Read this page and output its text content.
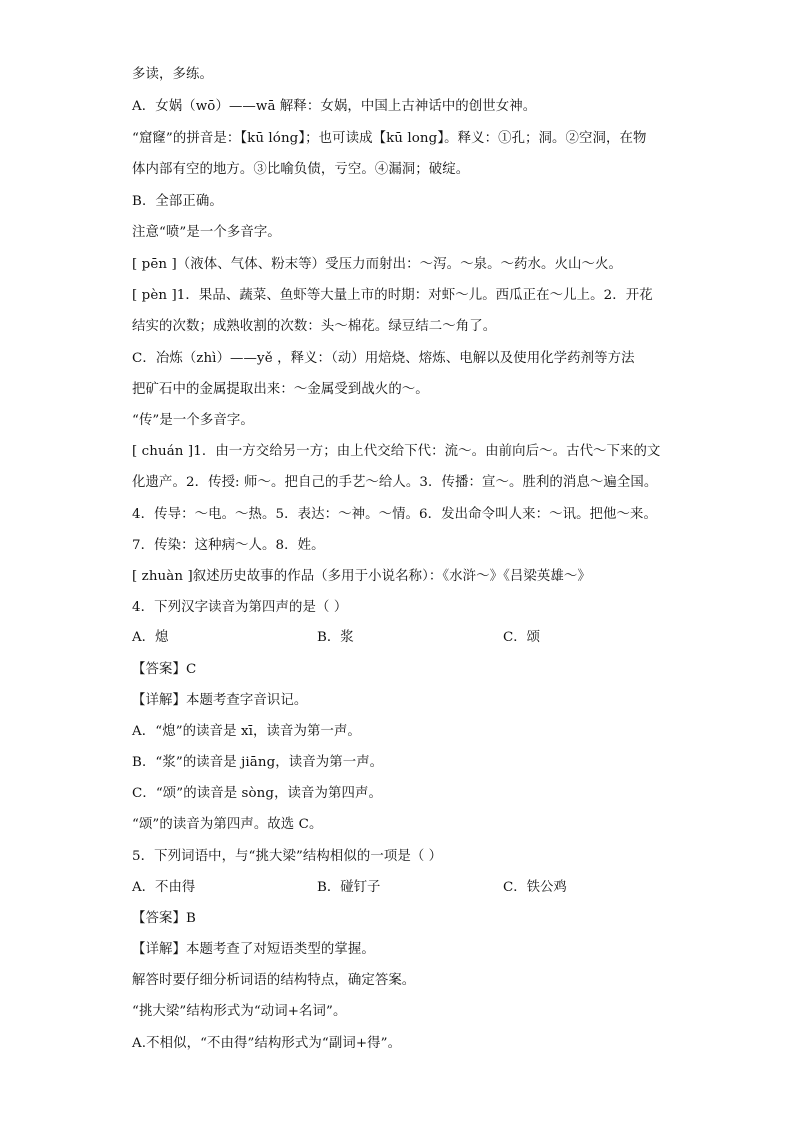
多读，多练。
A．女娲（wō）——wā 解释：女娲，中国上古神话中的创世女神。
“窟窿”的拼音是：【kū lóng】；也可读成【kū long】。释义：①孔；洞。②空洞，在物
体内部有空的地方。③比喻负债，亏空。④漏洞；破绽。
B．全部正确。
注意“喷”是一个多音字。
[ pēn ]（液体、气体、粉末等）受压力而射出：～泻。～泉。～药水。火山～火。
[ pèn ]1．果品、蔬菜、鱼虾等大量上市的时期：对虾～儿。西瓜正在～儿上。2．开花
结实的次数；成熟收割的次数：头～棉花。绿豆结二～角了。
C．冶炼（zhì）——yě ，释义：（动）用焙烧、熔炼、电解以及使用化学药剂等方法
把矿石中的金属提取出来：～金属受到战火的～。
“传”是一个多音字。
[ chuán ]1．由一方交给另一方；由上代交给下代：流～。由前向后～。古代～下来的文
化遗产。2．传授: 师～。把自己的手艺～给人。3．传播：宣～。胜利的消息～遍全国。
4．传导：～电。～热。5．表达：～神。～情。6．发出命令叫人来：～讯。把他～来。
7．传染：这种病～人。8．姓。
[ zhuàn ]叙述历史故事的作品（多用于小说名称）：《水浒～》《吕梁英雄～》
4．下列汉字读音为第四声的是（ ）
A．熄	B．浆	C．颂
【答案】C
【详解】本题考查字音识记。
A．“熄”的读音是 xī，读音为第一声。
B．“浆”的读音是 jiāng，读音为第一声。
C．“颂”的读音是 sòng，读音为第四声。
“颂”的读音为第四声。故选 C。
5．下列词语中，与“挑大梁”结构相似的一项是（ ）
A．不由得	B．碰钉子	C．铁公鸡
【答案】B
【详解】本题考查了对短语类型的掌握。
解答时要仔细分析词语的结构特点，确定答案。
“挑大梁”结构形式为“动词+名词”。
A.不相似，“不由得”结构形式为“副词+得”。
